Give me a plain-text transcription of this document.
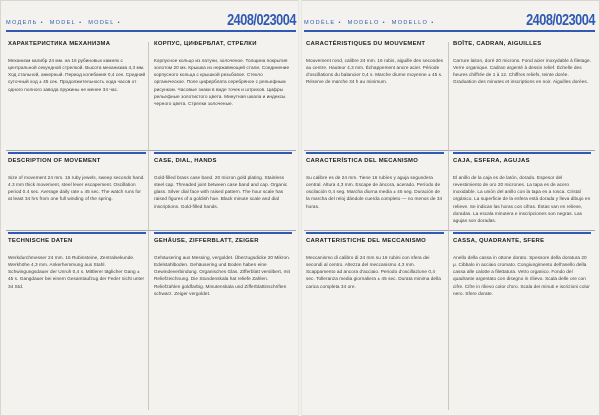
МОДЕЛЬ • MODEL • MODEL •	2408/023004 MODÈLE • MODELO • MODELLO •	2408/023004
ХАРАКТЕРИСТИКА МЕХАНИЗМА

Механизм калибр 24 мм. на 16 рубиновых камнях с центральной секундной стрелкой. Высота механизма 4,3 мм. Ход стальной, анкерный. Период колебания 0,4 сек. Средний суточный ход ± 45 сек. Продолжительность хода часов от одного полного завода пружины не менее 34 час.

КОРПУС, ЦИФЕРБЛАТ, СТРЕЛКИ

Корпусное кольцо из латуни, золоченое. Толщина покрытия золотом 20 мк. Крышка из нержавеющей стали. Соединение корпусного кольца с крышкой резьбовое. Стекло органическое. Поле циферблата серебряное с рельефным рисунком. Часовые знаки в виде точек и штрихов. Цифры рельефные золотистого цвета. Минутная шкала и индексы черного цвета. Стрелки золоченые.

CARACTÉRISTIQUES DU MOUVEMENT

Mouvement rond, calibre 24 mm. 16 rubis, aiguille des secondes au centre. Hauteur 4,3 mm. Échappement ancre acier. Période d'oscillations du balancier 0,4 s. Marche diurne moyenne ± 45 s. Réserve de marche 34 h au minimum.

BOÎTE, CADRAN, AIGUILLES

Carrure laiton, doré 20 microns. Fond acier inoxydable à filetage. Verre organique. Cadran argenté à dessin relief. Échelle des heures chiffrée de 1 à 12. Chiffres reliefs, teinte dorée. Graduation des minutes et inscriptions en noir. Aiguilles dorées.

DESCRIPTION OF MOVEMENT

Size of movement 24 mm. 16 ruby jewels, sweep seconds hand. 4.3 mm thick movement, steel lever escapement. Oscillation period 0.4 sec. Average daily rate ± 45 sec. The watch runs for at least 34 hrs from one full winding of the spring.

CASE, DIAL, HANDS

Gold-filled brass case band. 20 micron gold plating. Stainless steel cap. Threaded joint between case band and cap. Organic glass. Silver dial face with raised pattern. The hour scale has raised figures of a goldish hue. Black minute scale and dial inscriptions. Gold-filled hands.

CARACTERÍSTICA DEL MECANISMO

Su calibre es de 24 mm. Tiene 16 rubíes y aguja segundera central. Altura 4,3 mm. Escape de áncora, acerado. Período de oscilación 0,4 seg. Marcha diurna media ± 45 seg. Duración de la marcha del reloj dándole cuerda completo — no menos de 34 horas.

CAJA, ESFERA, AGUJAS

El anillo de la caja es de latón, dorado. Espesor del revestimiento de oro 20 micrones. La tapa es de acero inoxidable. La unión del anillo con la tapa es a rosca. Cristal orgánico. La superficie de la esfera está dorada y lleva dibujo en relieve. Se indican las horas con cifras. Éstas van en relieve, doradas. La escala minutera e inscripciones son negras. Las agujas son doradas.

TECHNISCHE DATEN

Werkdurchmesser 24 mm. 16 Rubinsteine, Zentralsekunde. Werkhöhe 4,3 mm. Ankerhemmung aus Stahl. Schwingungsdauer der Unruh 0,4 s. Mittlerer täglicher Gang ± 45 s. Gangdauer bei einem Gesamtaufzug der Feder nicht unter 34 Std.

GEHÄUSE, ZIFFERBLATT, ZEIGER

Gehäusering aus Messing, vergoldet. Überzugsdicke 20 Mikron. Edelstahlboden. Gehäusering und Boden haben eine Gewindeverbindung. Organisches Glas. Zifferblatt versilbert, mit Reliefzeichnung. Die Stundenskala hat reliefe Zahlen. Reliefzahlen goldfarbig. Minutenskala und Zifferblattinschriften schwarz. Zeiger vergoldet.

CARATTERISTICHE DEL MECCANISMO

Meccanismo di calibro di 24 mm su 16 rubini con sfera dei secondi al centro. Altezza del meccanismo 4,3 mm. Scappamento ad ancora d'acciaio. Periodo d'oscillazione 0,4 sec. Tolleranza media giornaliera ± 45 sec. Durata minima della carica completa 34 ore.

CASSA, QUADRANTE, SFERE

Anello della cassa in ottone dorato. Spessore della doratura 20 μ. Cibbalo in acciaio cromato. Congiungimento dell'anello della cassa alle calotte a filettatura. Vetro organico. Fondo del quadrante argentato con disegno in rilievo. Scala delle ore con cifre. Cifre in rilievo color d'oro. Scala dei minuti e iscrizioni color nero. Sfere dorate.
